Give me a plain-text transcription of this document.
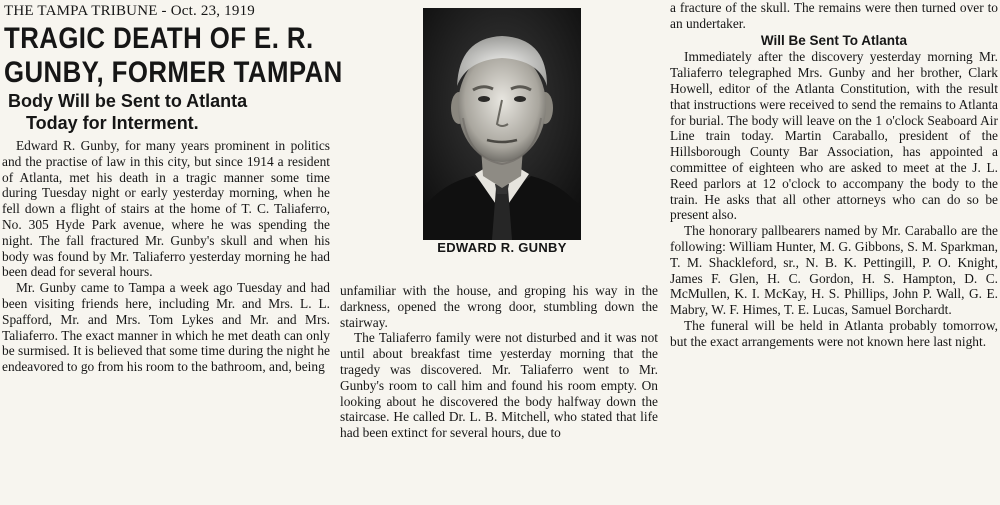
THE TAMPA TRIBUNE - Oct. 23, 1919
TRAGIC DEATH OF E. R.
GUNBY, FORMER TAMPAN
Body Will be Sent to Atlanta
Today for Interment.

Edward R. Gunby, for many years prominent in politics and the practise of law in this city, but since 1914 a resident of Atlanta, met his death in a tragic manner some time during Tuesday night or early yesterday morning, when he fell down a flight of stairs at the home of T. C. Taliaferro, No. 305 Hyde Park avenue, where he was spending the night. The fall fractured Mr. Gunby's skull and when his body was found by Mr. Taliaferro yesterday morning he had been dead for several hours.

Mr. Gunby came to Tampa a week ago Tuesday and had been visiting friends here, including Mr. and Mrs. L. L. Spafford, Mr. and Mrs. Tom Lykes and Mr. and Mrs. Taliaferro. The exact manner in which he met death can only be surmised. It is believed that some time during the night he endeavored to go from his room to the bathroom, and, being

EDWARD R. GUNBY

unfamiliar with the house, and groping his way in the darkness, opened the wrong door, stumbling down the stairway.

The Taliaferro family were not disturbed and it was not until about breakfast time yesterday morning that the tragedy was discovered. Mr. Taliaferro went to Mr. Gunby's room to call him and found his room empty. On looking about he discovered the body halfway down the staircase. He called Dr. L. B. Mitchell, who stated that life had been extinct for several hours, due to

a fracture of the skull. The remains were then turned over to an undertaker.

Will Be Sent To Atlanta

Immediately after the discovery yesterday morning Mr. Taliaferro telegraphed Mrs. Gunby and her brother, Clark Howell, editor of the Atlanta Constitution, with the result that instructions were received to send the remains to Atlanta for burial. The body will leave on the 1 o'clock Seaboard Air Line train today. Martin Caraballo, president of the Hillsborough County Bar Association, has appointed a committee of eighteen who are asked to meet at the J. L. Reed parlors at 12 o'clock to accompany the body to the train. He asks that all other attorneys who can do so be present also.

The honorary pallbearers named by Mr. Caraballo are the following: William Hunter, M. G. Gibbons, S. M. Sparkman, T. M. Shackleford, sr., N. B. K. Pettingill, P. O. Knight, James F. Glen, H. C. Gordon, H. S. Hampton, D. C. McMullen, K. I. McKay, H. S. Phillips, John P. Wall, G. E. Mabry, W. F. Himes, T. E. Lucas, Samuel Borchardt.

The funeral will be held in Atlanta probably tomorrow, but the exact arrangements were not known here last night.
